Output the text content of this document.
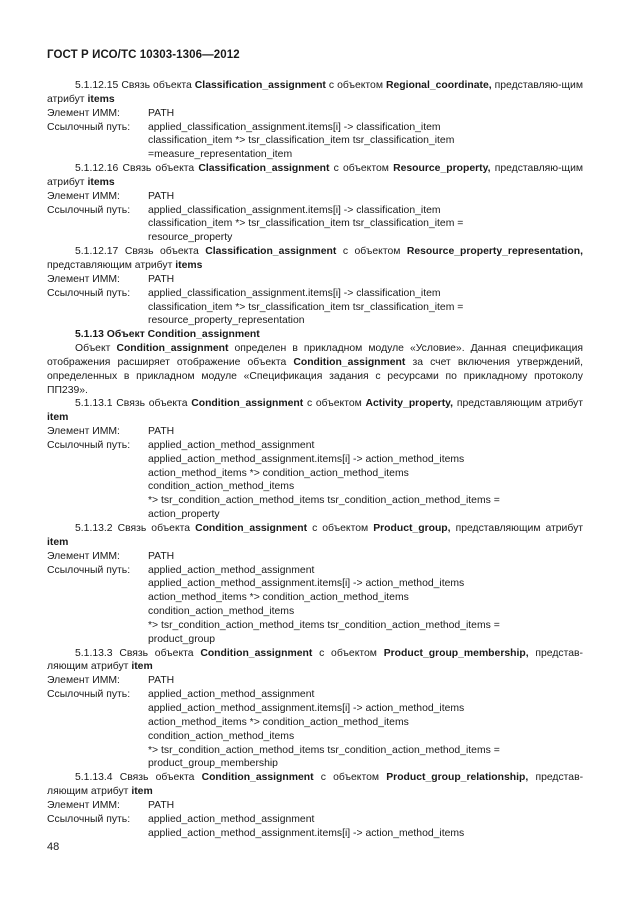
ГОСТ Р ИСО/ТС 10303-1306—2012

5.1.12.15 Связь объекта Classification_assignment с объектом Regional_coordinate, представляю-щим атрибут items

Элемент ИММ:	PATH
Ссылочный путь:	applied_classification_assignment.items[i] -> classification_item
classification_item *> tsr_classification_item tsr_classification_item
=measure_representation_item

5.1.12.16 Связь объекта Classification_assignment с объектом Resource_property, представляю-щим атрибут items

Элемент ИММ:	PATH
Ссылочный путь:	applied_classification_assignment.items[i] -> classification_item
classification_item *> tsr_classification_item tsr_classification_item =
resource_property

5.1.12.17 Связь объекта Classification_assignment с объектом Resource_property_representation, представляющим атрибут items

Элемент ИММ:	PATH
Ссылочный путь:	applied_classification_assignment.items[i] -> classification_item
classification_item *> tsr_classification_item tsr_classification_item =
resource_property_representation

5.1.13 Объект Condition_assignment

Объект Condition_assignment определен в прикладном модуле «Условие». Данная спецификация отображения расширяет отображение объекта Condition_assignment за счет включения утверждений, определенных в прикладном модуле «Спецификация задания с ресурсами по прикладному протоколу ПП239».

5.1.13.1 Связь объекта Condition_assignment с объектом Activity_property, представляющим атрибут item

Элемент ИММ:	PATH
Ссылочный путь:	applied_action_method_assignment
applied_action_method_assignment.items[i] -> action_method_items
action_method_items *> condition_action_method_items
condition_action_method_items
*> tsr_condition_action_method_items tsr_condition_action_method_items =
action_property

5.1.13.2 Связь объекта Condition_assignment с объектом Product_group, представляющим атрибут item

Элемент ИММ:	PATH
Ссылочный путь:	applied_action_method_assignment
applied_action_method_assignment.items[i] -> action_method_items
action_method_items *> condition_action_method_items
condition_action_method_items
*> tsr_condition_action_method_items tsr_condition_action_method_items =
product_group

5.1.13.3 Связь объекта Condition_assignment с объектом Product_group_membership, представ-ляющим атрибут item

Элемент ИММ:	PATH
Ссылочный путь:	applied_action_method_assignment
applied_action_method_assignment.items[i] -> action_method_items
action_method_items *> condition_action_method_items
condition_action_method_items
*> tsr_condition_action_method_items tsr_condition_action_method_items =
product_group_membership

5.1.13.4 Связь объекта Condition_assignment с объектом Product_group_relationship, представ-ляющим атрибут item

Элемент ИММ:	PATH
Ссылочный путь:	applied_action_method_assignment
applied_action_method_assignment.items[i] -> action_method_items
48
